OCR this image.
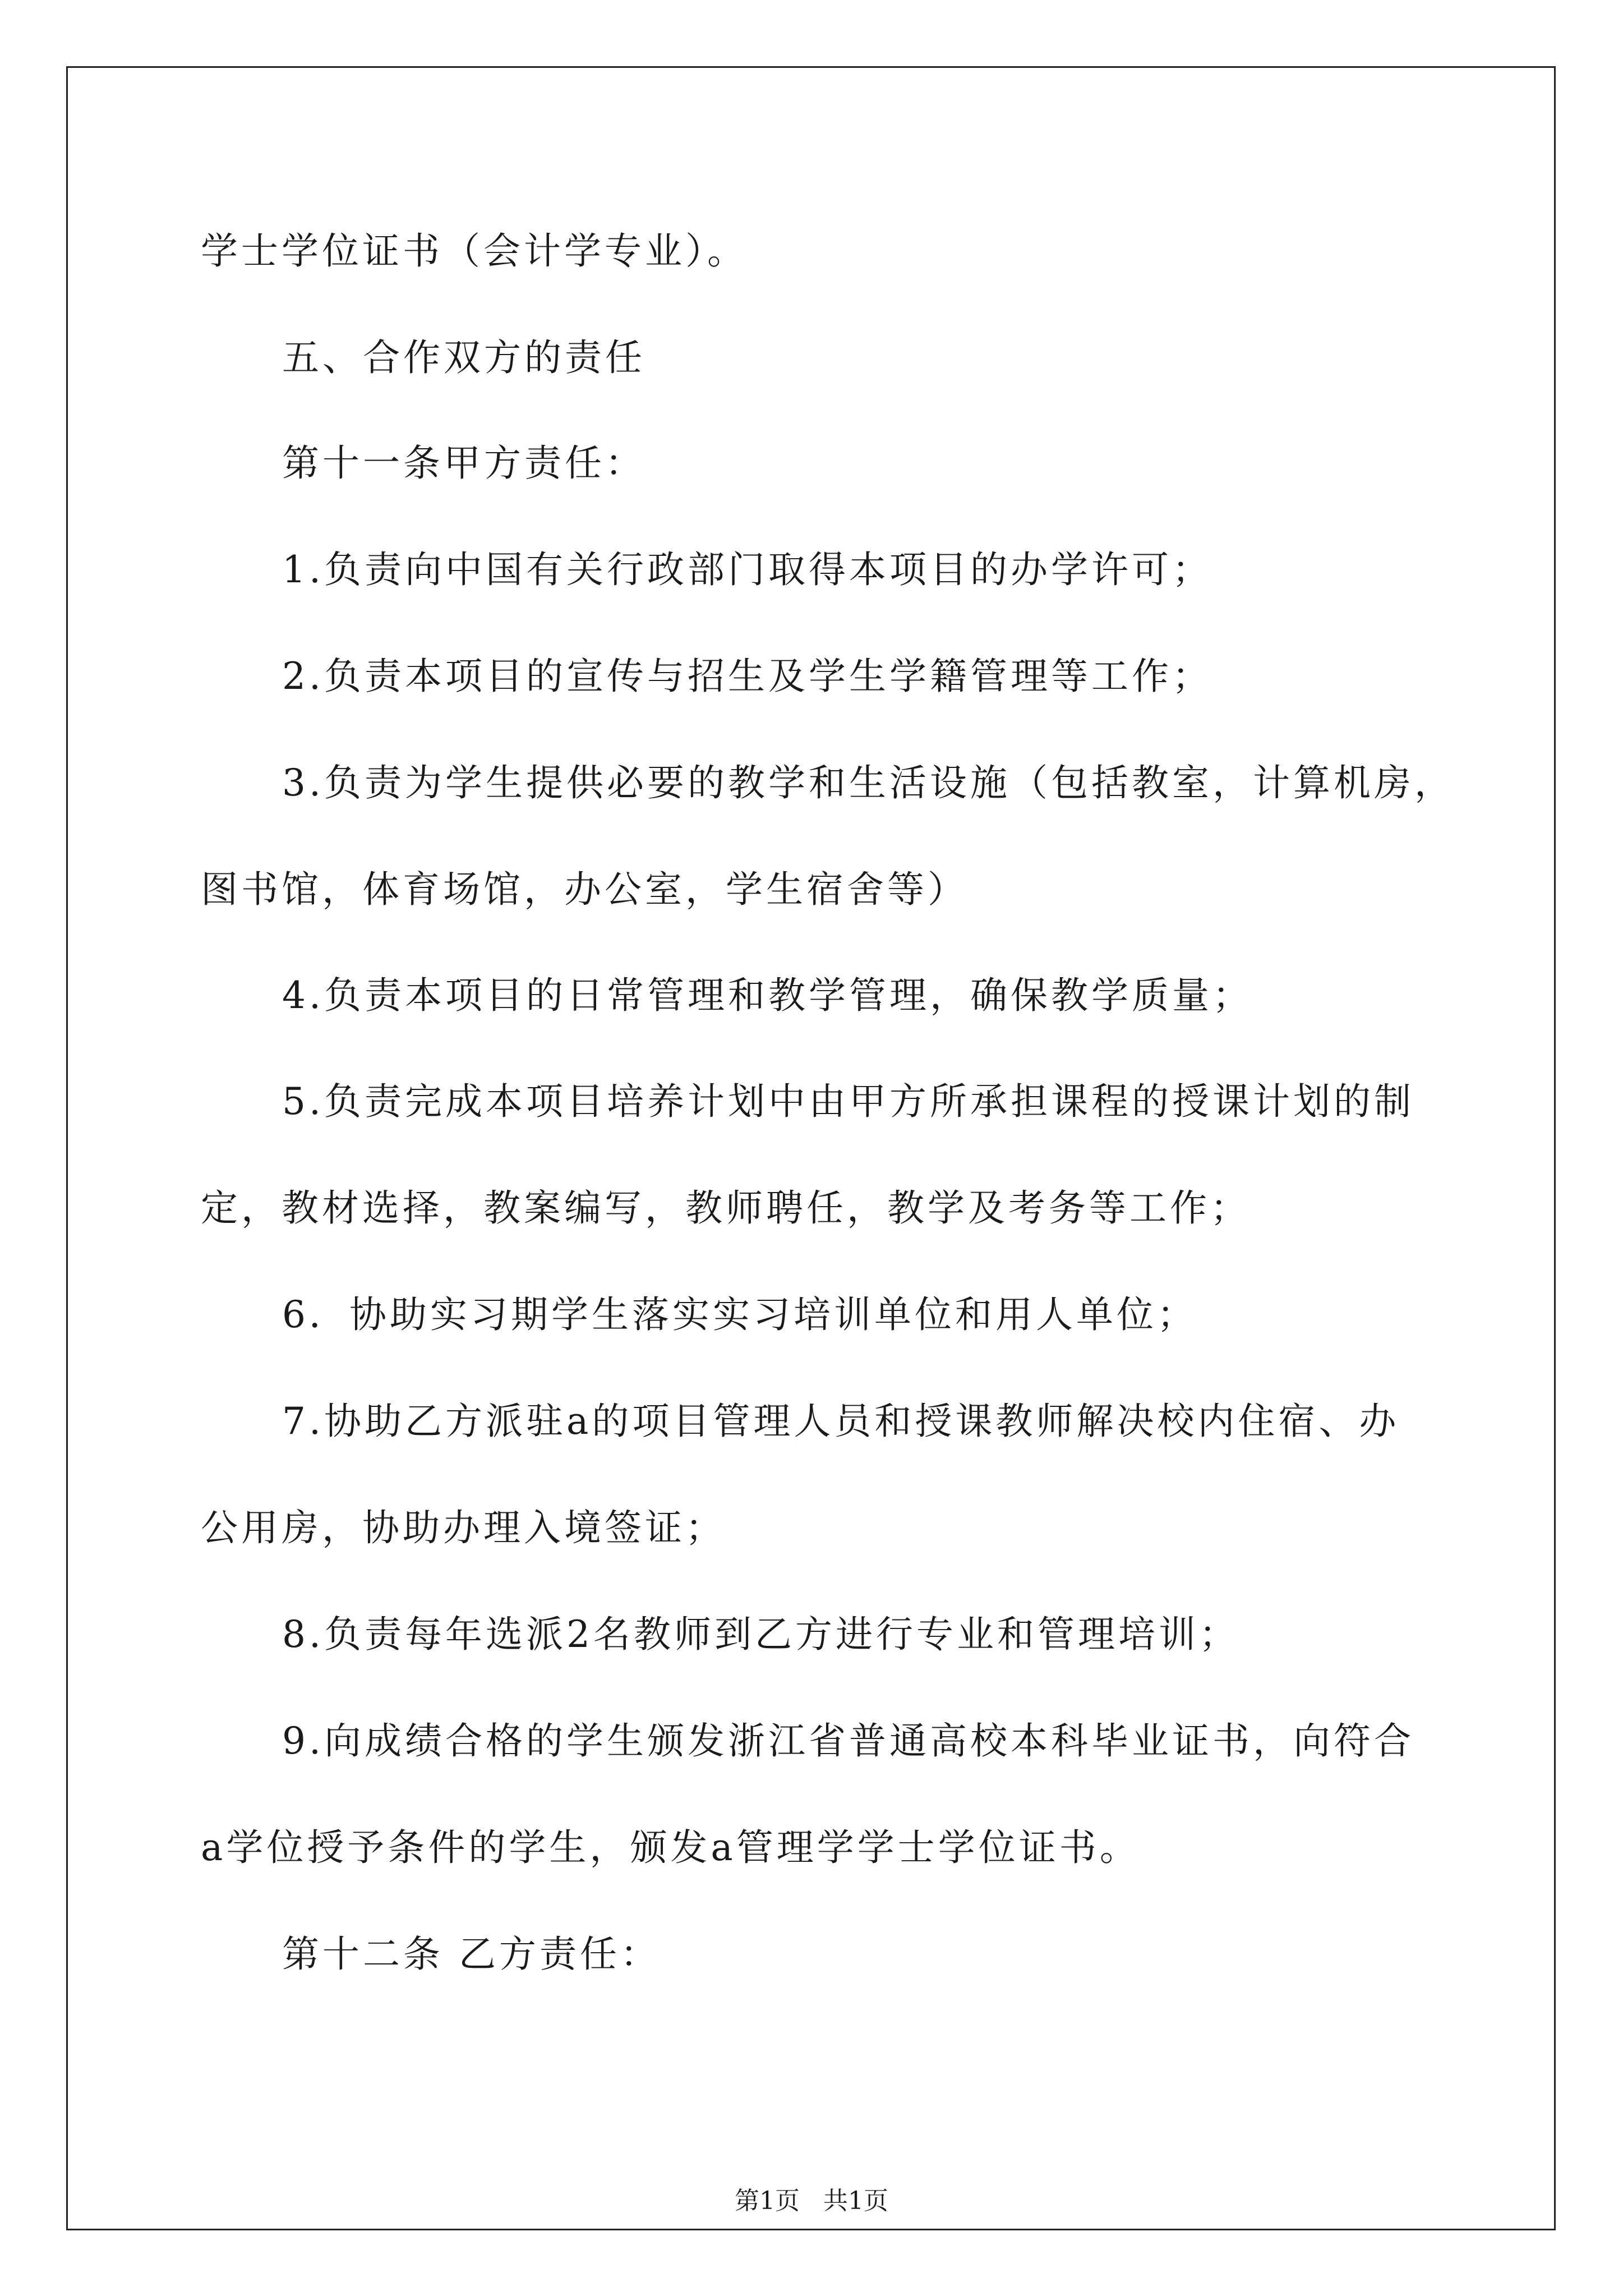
学士学位证书（会计学专业）。
五、合作双方的责任
第十一条甲方责任：
1.负责向中国有关行政部门取得本项目的办学许可；
2.负责本项目的宣传与招生及学生学籍管理等工作；
3.负责为学生提供必要的教学和生活设施（包括教室，计算机房，
图书馆，体育场馆，办公室，学生宿舍等）
4.负责本项目的日常管理和教学管理，确保教学质量；
5.负责完成本项目培养计划中由甲方所承担课程的授课计划的制
定，教材选择，教案编写，教师聘任，教学及考务等工作；
6．协助实习期学生落实实习培训单位和用人单位；
7.协助乙方派驻a的项目管理人员和授课教师解决校内住宿、办
公用房，协助办理入境签证；
8.负责每年选派2名教师到乙方进行专业和管理培训；
9.向成绩合格的学生颁发浙江省普通高校本科毕业证书，向符合
a学位授予条件的学生，颁发a管理学学士学位证书。
第十二条 乙方责任：
第1页   共1页
